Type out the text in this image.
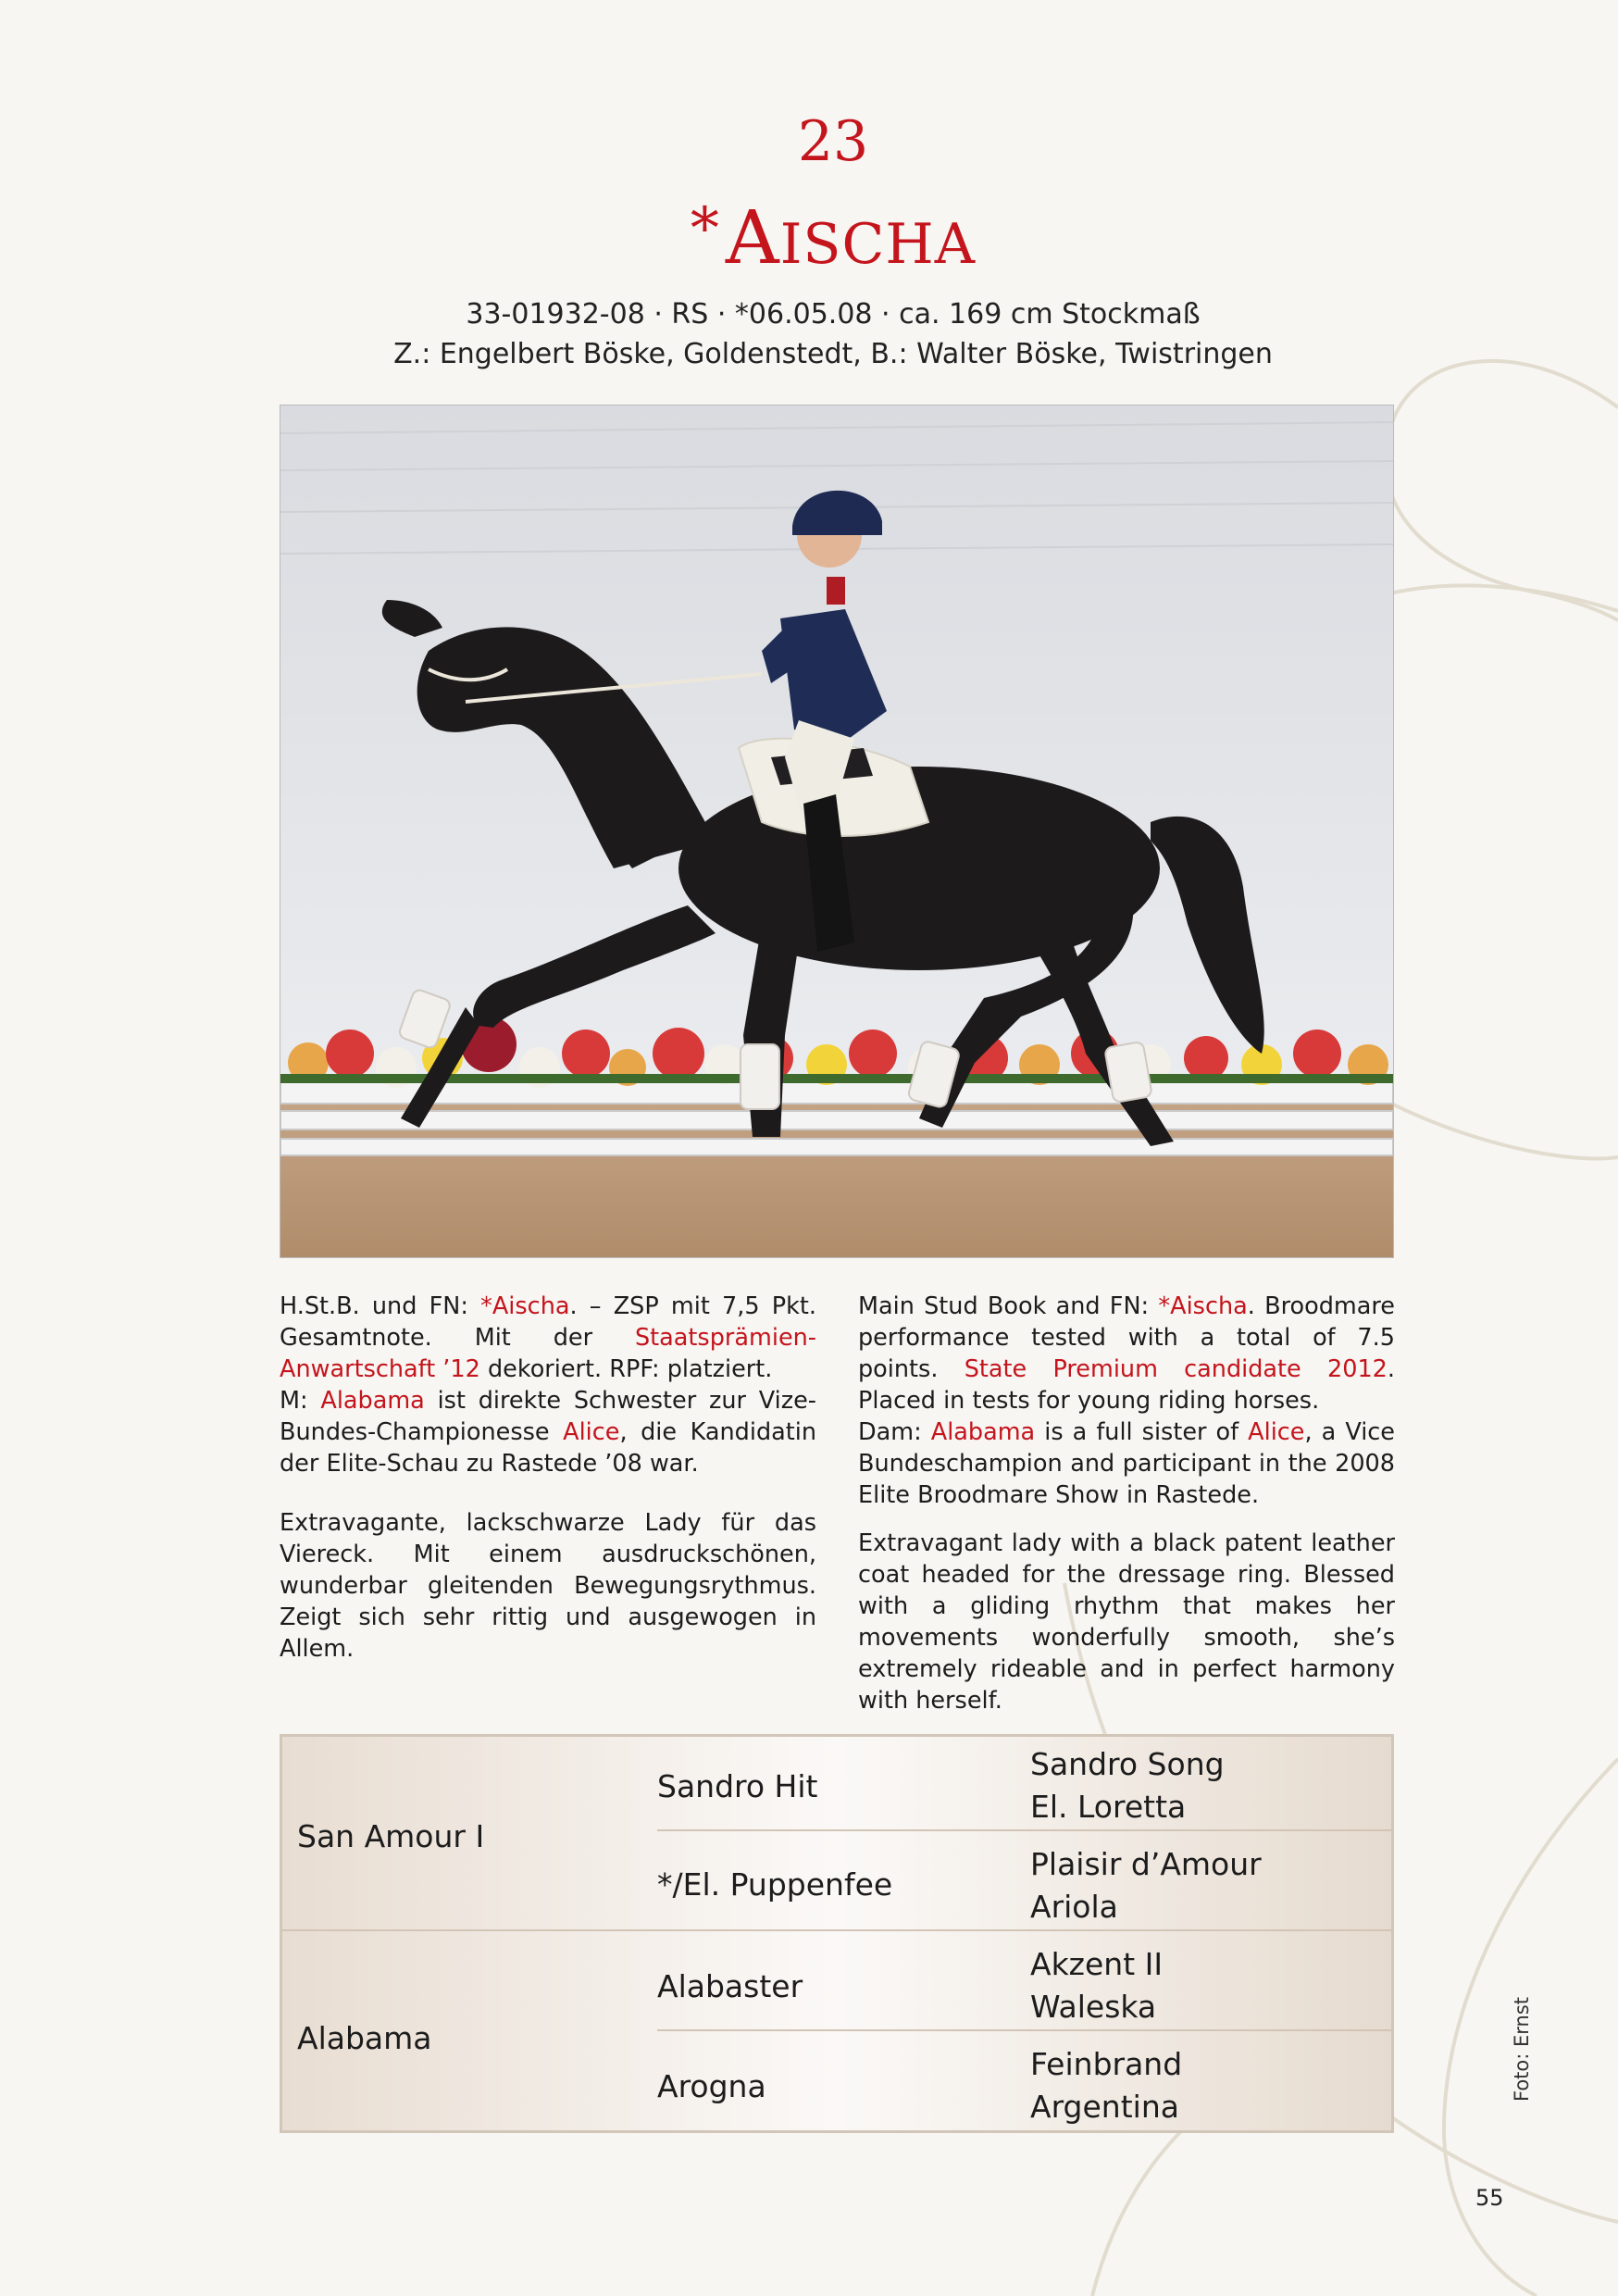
23
*AISCHA
33-01932-08 · RS · *06.05.08 · ca. 169 cm Stockmaß
Z.: Engelbert Böske, Goldenstedt, B.: Walter Böske, Twistringen

H.St.B. und FN: *Aischa. – ZSP mit 7,5 Pkt. Gesamtnote. Mit der Staatsprämien-Anwartschaft ’12 dekoriert. RPF: platziert.
M: Alabama ist direkte Schwester zur Vize-Bundes-Championesse Alice, die Kandidatin der Elite-Schau zu Rastede ’08 war.

Extravagante, lackschwarze Lady für das Viereck. Mit einem ausdruckschönen, wunderbar gleitenden Bewegungsrythmus. Zeigt sich sehr rittig und ausgewogen in Allem.

Main Stud Book and FN: *Aischa. Broodmare performance tested with a total of 7.5 points. State Premium candidate 2012. Placed in tests for young riding horses.
Dam: Alabama is a full sister of Alice, a Vice Bundeschampion and participant in the 2008 Elite Broodmare Show in Rastede.

Extravagant lady with a black patent leather coat headed for the dressage ring. Blessed with a gliding rhythm that makes her movements wonderfully smooth, she’s extremely rideable and in perfect harmony with herself.

San Amour I
Sandro Hit
Sandro Song
El. Loretta
*/El. Puppenfee
Plaisir d’Amour
Ariola
Alabama
Alabaster
Akzent II
Waleska
Arogna
Feinbrand
Argentina
Foto: Ernst
55
